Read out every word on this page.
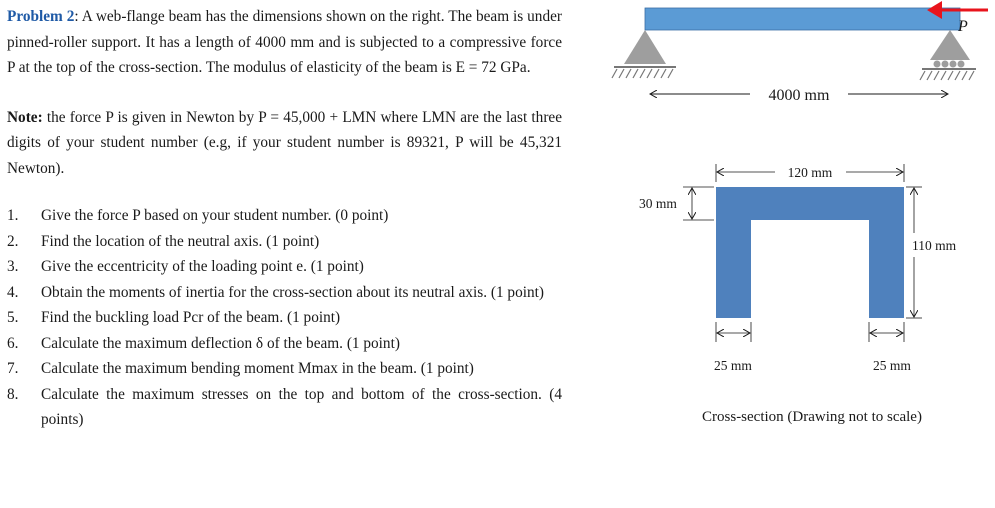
Problem 2: A web-flange beam has the dimensions shown on the right. The beam is under pinned-roller support. It has a length of 4000 mm and is subjected to a compressive force P at the top of the cross-section. The modulus of elasticity of the beam is E = 72 GPa.
Note: the force P is given in Newton by P = 45,000 + LMN where LMN are the last three digits of your student number (e.g, if your student number is 89321, P will be 45,321 Newton).
1. Give the force P based on your student number. (0 point)
2. Find the location of the neutral axis. (1 point)
3. Give the eccentricity of the loading point e. (1 point)
4. Obtain the moments of inertia for the cross-section about its neutral axis. (1 point)
5. Find the buckling load Pcr of the beam. (1 point)
6. Calculate the maximum deflection δ of the beam. (1 point)
7. Calculate the maximum bending moment Mmax in the beam. (1 point)
8. Calculate the maximum stresses on the top and bottom of the cross-section. (4 points)
P
4000 mm
120 mm
30 mm
110 mm
25 mm	25 mm
Cross-section (Drawing not to scale)
